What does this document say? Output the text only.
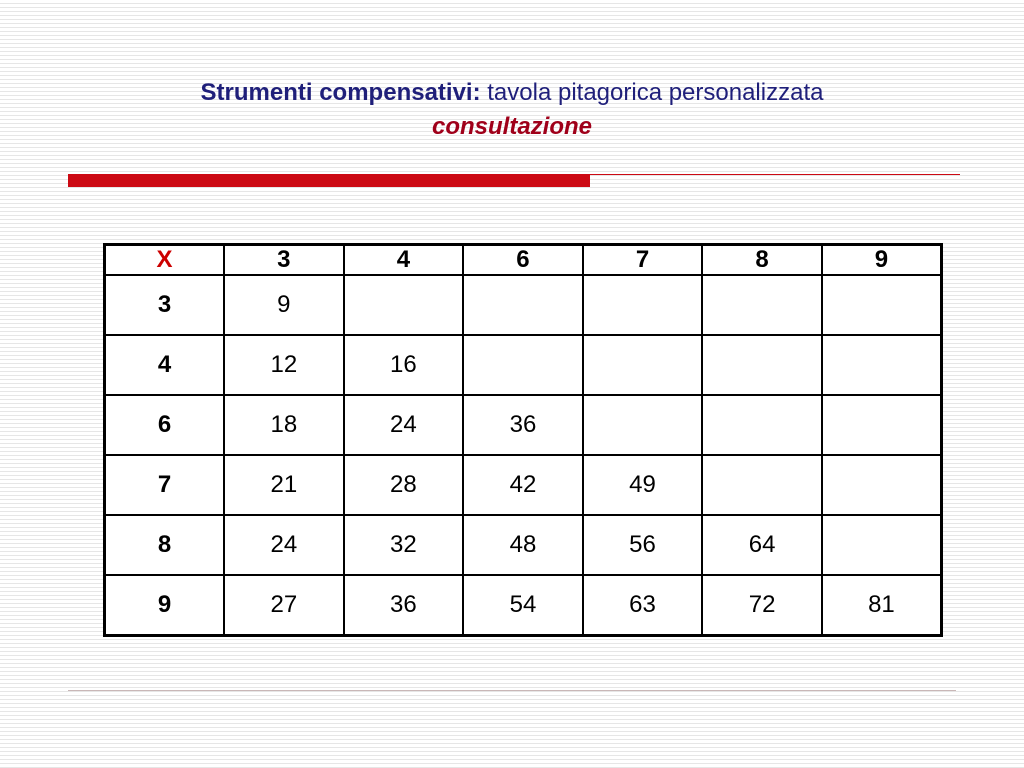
Strumenti compensativi: tavola pitagorica personalizzata
consultazione
X	3	4	6	7	8	9
3	9					
4	12	16				
6	18	24	36			
7	21	28	42	49		
8	24	32	48	56	64	
9	27	36	54	63	72	81
